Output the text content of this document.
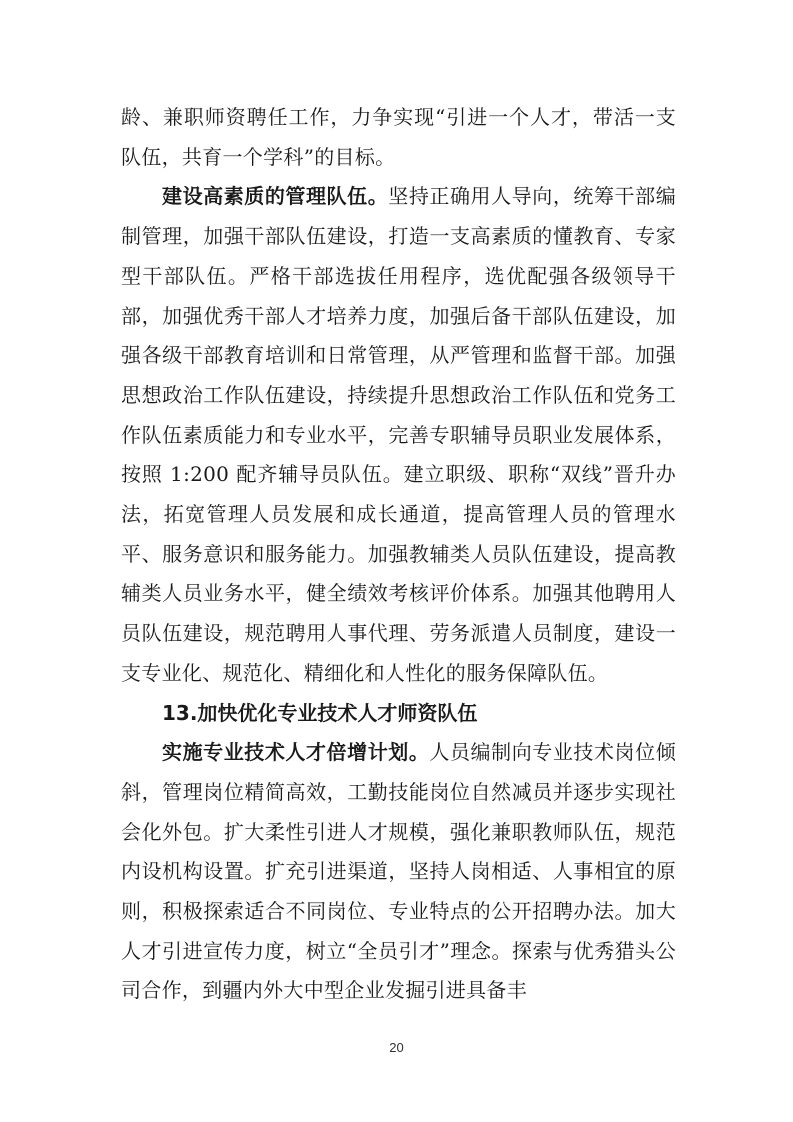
龄、兼职师资聘任工作，力争实现“引进一个人才，带活一支队伍，共育一个学科”的目标。

建设高素质的管理队伍。坚持正确用人导向，统筹干部编制管理，加强干部队伍建设，打造一支高素质的懂教育、专家型干部队伍。严格干部选拔任用程序，选优配强各级领导干部，加强优秀干部人才培养力度，加强后备干部队伍建设，加强各级干部教育培训和日常管理，从严管理和监督干部。加强思想政治工作队伍建设，持续提升思想政治工作队伍和党务工作队伍素质能力和专业水平，完善专职辅导员职业发展体系，按照 1:200 配齐辅导员队伍。建立职级、职称“双线”晋升办法，拓宽管理人员发展和成长通道，提高管理人员的管理水平、服务意识和服务能力。加强教辅类人员队伍建设，提高教辅类人员业务水平，健全绩效考核评价体系。加强其他聘用人员队伍建设，规范聘用人事代理、劳务派遣人员制度，建设一支专业化、规范化、精细化和人性化的服务保障队伍。

13.加快优化专业技术人才师资队伍

实施专业技术人才倍增计划。人员编制向专业技术岗位倾斜，管理岗位精简高效，工勤技能岗位自然减员并逐步实现社会化外包。扩大柔性引进人才规模，强化兼职教师队伍，规范内设机构设置。扩充引进渠道，坚持人岗相适、人事相宜的原则，积极探索适合不同岗位、专业特点的公开招聘办法。加大人才引进宣传力度，树立“全员引才”理念。探索与优秀猎头公司合作，到疆内外大中型企业发掘引进具备丰

20
